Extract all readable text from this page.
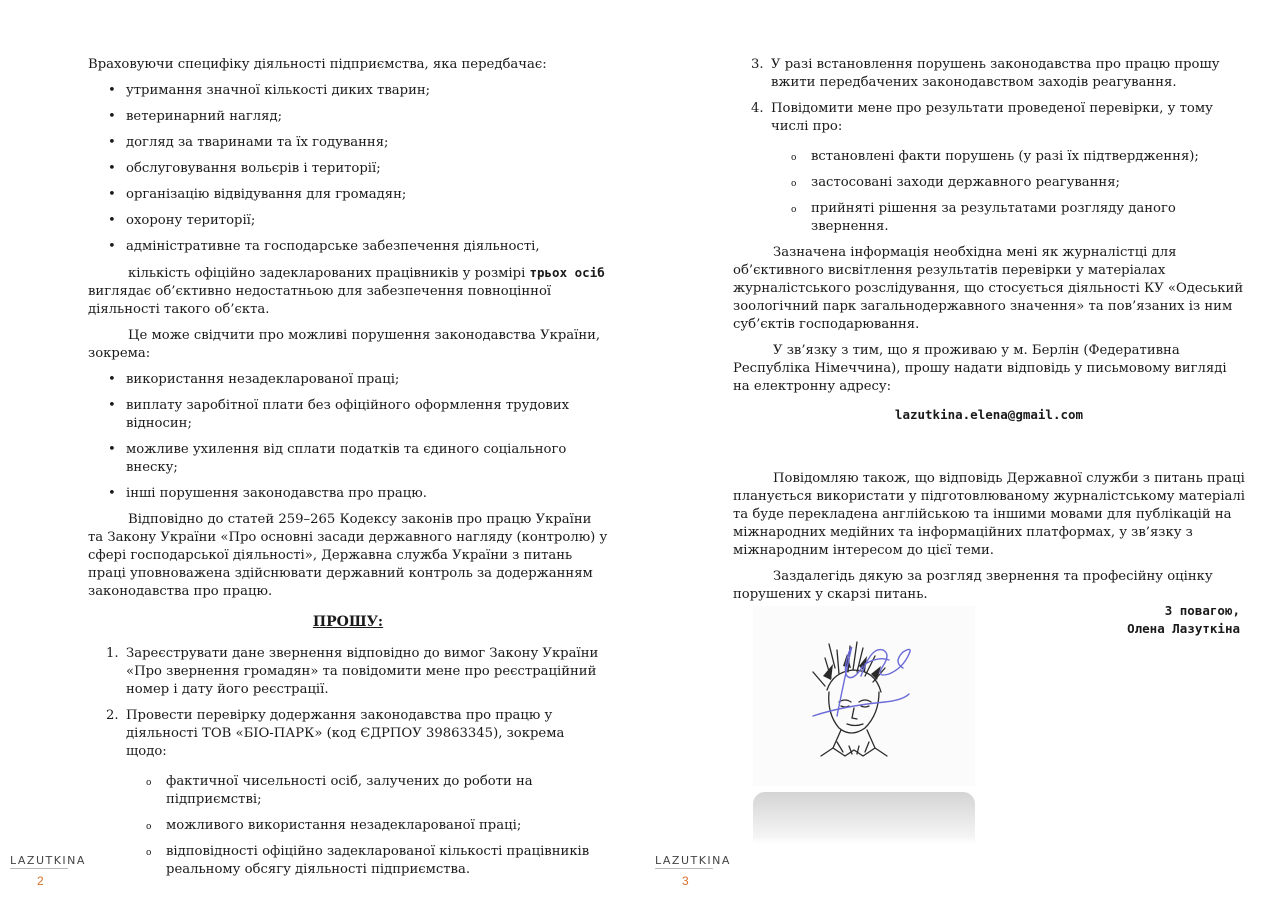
Враховуючи специфіку діяльності підприємства, яка передбачає:

• утримання значної кількості диких тварин;
• ветеринарний нагляд;
• догляд за тваринами та їх годування;
• обслуговування вольєрів і території;
• організацію відвідування для громадян;
• охорону території;
• адміністративне та господарське забезпечення діяльності,

кількість офіційно задекларованих працівників у розмірі трьох осіб виглядає об’єктивно недостатньою для забезпечення повноцінної діяльності такого об’єкта.

Це може свідчити про можливі порушення законодавства України, зокрема:

• використання незадекларованої праці;
• виплату заробітної плати без офіційного оформлення трудових відносин;
• можливе ухилення від сплати податків та єдиного соціального внеску;
• інші порушення законодавства про працю.

Відповідно до статей 259–265 Кодексу законів про працю України та Закону України «Про основні засади державного нагляду (контролю) у сфері господарської діяльності», Державна служба України з питань праці уповноважена здійснювати державний контроль за додержанням законодавства про працю.

ПРОШУ:
1. Зареєструвати дане звернення відповідно до вимог Закону України «Про звернення громадян» та повідомити мене про реєстраційний номер і дату його реєстрації.
2. Провести перевірку додержання законодавства про працю у діяльності ТОВ «БІО-ПАРК» (код ЄДРПОУ 39863345), зокрема щодо:
o фактичної чисельності осіб, залучених до роботи на підприємстві;
o можливого використання незадекларованої праці;
o відповідності офіційно задекларованої кількості працівників реальному обсягу діяльності підприємства.
LAZUTKINA
2
3. У разі встановлення порушень законодавства про працю прошу вжити передбачених законодавством заходів реагування.
4. Повідомити мене про результати проведеної перевірки, у тому числі про:
o встановлені факти порушень (у разі їх підтвердження);
o застосовані заходи державного реагування;
o прийняті рішення за результатами розгляду даного звернення.

Зазначена інформація необхідна мені як журналістці для об’єктивного висвітлення результатів перевірки у матеріалах журналістського розслідування, що стосується діяльності КУ «Одеський зоологічний парк загальнодержавного значення» та пов’язаних із ним суб’єктів господарювання.

У зв’язку з тим, що я проживаю у м. Берлін (Федеративна Республіка Німеччина), прошу надати відповідь у письмовому вигляді на електронну адресу:

lazutkina.elena@gmail.com

Повідомляю також, що відповідь Державної служби з питань праці планується використати у підготовлюваному журналістському матеріалі та буде перекладена англійською та іншими мовами для публікацій на міжнародних медійних та інформаційних платформах, у зв’язку з міжнародним інтересом до цієї теми.

Заздалегідь дякую за розгляд звернення та професійну оцінку порушених у скарзі питань.

З повагою,
Олена Лазуткіна
LAZUTKINA
3
